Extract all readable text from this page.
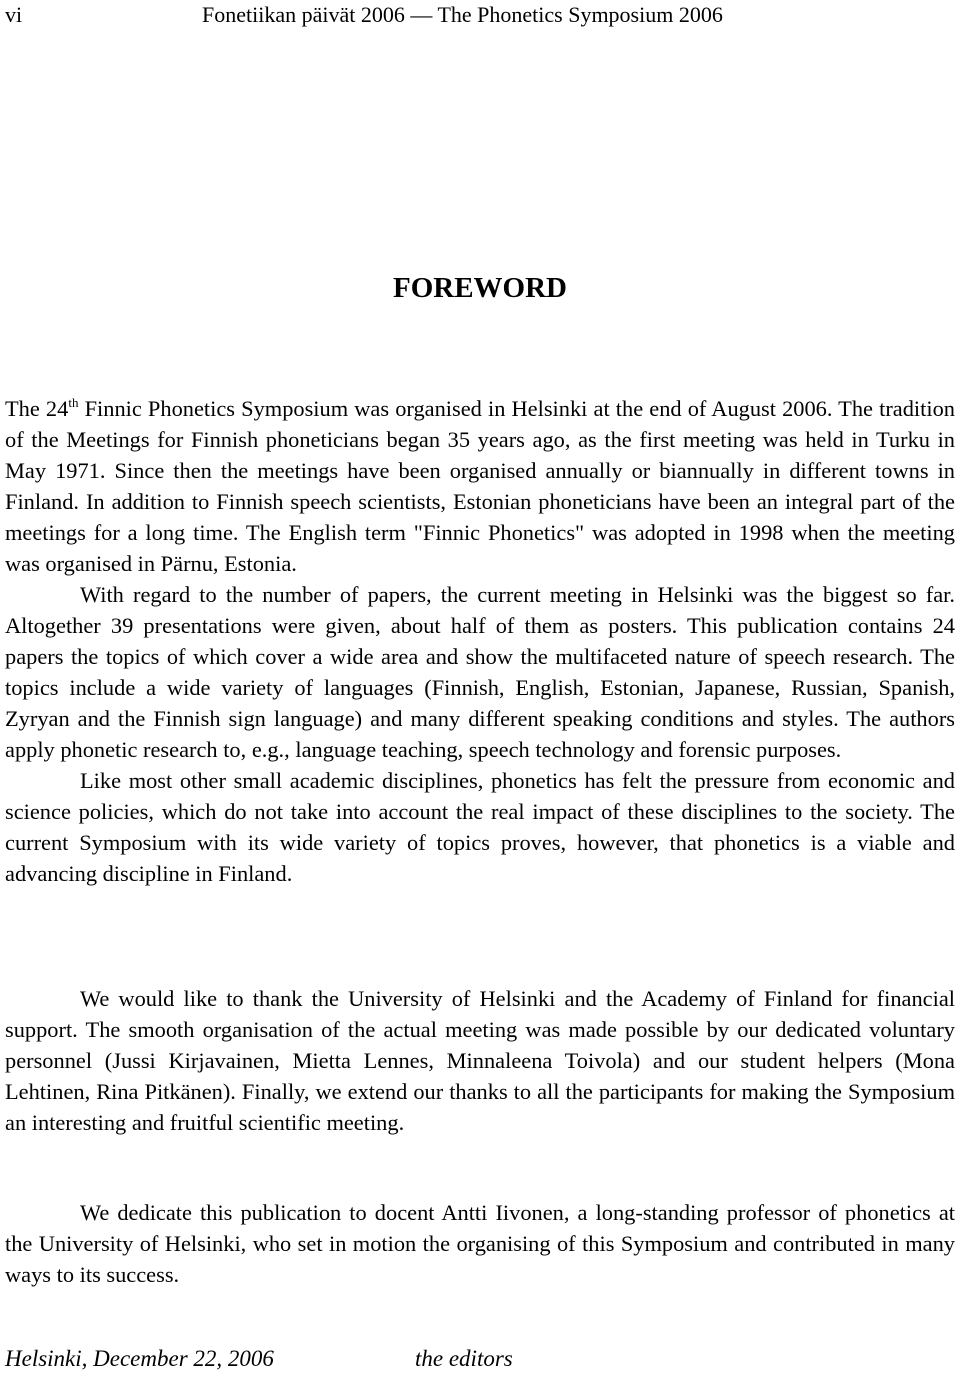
vi	Fonetiikan päivät 2006 — The Phonetics Symposium 2006
FOREWORD

The 24th Finnic Phonetics Symposium was organised in Helsinki at the end of August 2006. The tradition of the Meetings for Finnish phoneticians began 35 years ago, as the first meeting was held in Turku in May 1971. Since then the meetings have been organised annually or biannually in different towns in Finland. In addition to Finnish speech scientists, Estonian phoneticians have been an integral part of the meetings for a long time. The English term "Finnic Phonetics" was adopted in 1998 when the meeting was organised in Pärnu, Estonia.

With regard to the number of papers, the current meeting in Helsinki was the biggest so far. Altogether 39 presentations were given, about half of them as posters. This publication contains 24 papers the topics of which cover a wide area and show the multifaceted nature of speech research. The topics include a wide variety of languages (Finnish, English, Estonian, Japanese, Russian, Spanish, Zyryan and the Finnish sign language) and many different speaking conditions and styles. The authors apply phonetic research to, e.g., language teaching, speech technology and forensic purposes.

Like most other small academic disciplines, phonetics has felt the pressure from economic and science policies, which do not take into account the real impact of these disciplines to the society. The current Symposium with its wide variety of topics proves, however, that phonetics is a viable and advancing discipline in Finland.

We would like to thank the University of Helsinki and the Academy of Finland for financial support. The smooth organisation of the actual meeting was made possible by our dedicated voluntary personnel (Jussi Kirjavainen, Mietta Lennes, Minnaleena Toivola) and our student helpers (Mona Lehtinen, Rina Pitkänen). Finally, we extend our thanks to all the participants for making the Symposium an interesting and fruitful scientific meeting.

We dedicate this publication to docent Antti Iivonen, a long-standing professor of phonetics at the University of Helsinki, who set in motion the organising of this Symposium and contributed in many ways to its success.

Helsinki, December 22, 2006	the editors
